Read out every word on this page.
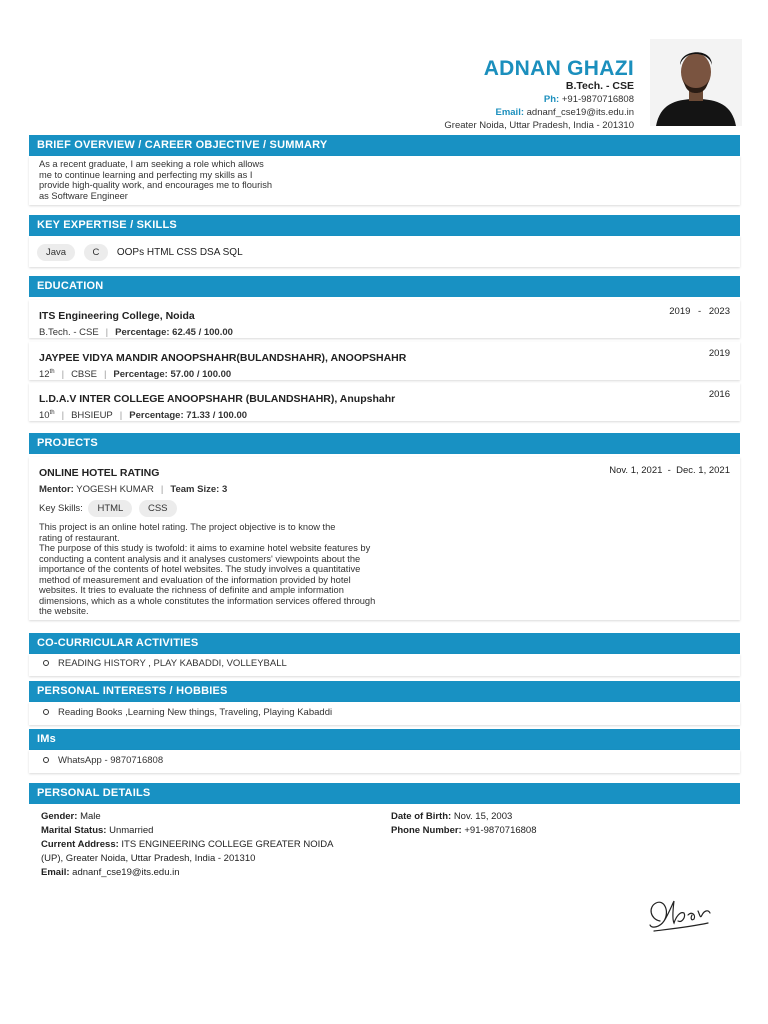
ADNAN GHAZI
B.Tech. - CSE
Ph: +91-9870716808
Email: adnanf_cse19@its.edu.in
Greater Noida, Uttar Pradesh, India - 201310
BRIEF OVERVIEW / CAREER OBJECTIVE / SUMMARY
As a recent graduate, I am seeking a role which allows
me to continue learning and perfecting my skills as I
provide high-quality work, and encourages me to flourish
as Software Engineer
KEY EXPERTISE / SKILLS
Java	C OOPs HTML CSS DSA SQL
EDUCATION
ITS Engineering College, Noida	2019 - 2023
B.Tech. - CSE | Percentage: 62.45 / 100.00
JAYPEE VIDYA MANDIR ANOOPSHAHR(BULANDSHAHR), ANOOPSHAHR	2019
12th | CBSE | Percentage: 57.00 / 100.00
L.D.A.V INTER COLLEGE ANOOPSHAHR (BULANDSHAHR), Anupshahr	2016
10th | BHSIEUP | Percentage: 71.33 / 100.00
PROJECTS
ONLINE HOTEL RATING	Nov. 1, 2021  -  Dec. 1, 2021
Mentor: YOGESH KUMAR | Team Size: 3
Key Skills: HTML	CSS
This project is an online hotel rating. The project objective is to know the
rating of restaurant.
The purpose of this study is twofold: it aims to examine hotel website features by
conducting a content analysis and it analyses customers' viewpoints about the
importance of the contents of hotel websites. The study involves a quantitative
method of measurement and evaluation of the information provided by hotel
websites. It tries to evaluate the richness of definite and ample information
dimensions, which as a whole constitutes the information services offered through
the website.
CO-CURRICULAR ACTIVITIES
READING HISTORY , PLAY KABADDI, VOLLEYBALL
PERSONAL INTERESTS / HOBBIES
Reading Books ,Learning New things, Traveling, Playing Kabaddi
IMs
WhatsApp - 9870716808
PERSONAL DETAILS
Gender: Male
Marital Status: Unmarried
Current Address: ITS ENGINEERING COLLEGE GREATER NOIDA
(UP), Greater Noida, Uttar Pradesh, India - 201310
Email: adnanf_cse19@its.edu.in
Date of Birth: Nov. 15, 2003
Phone Number: +91-9870716808
